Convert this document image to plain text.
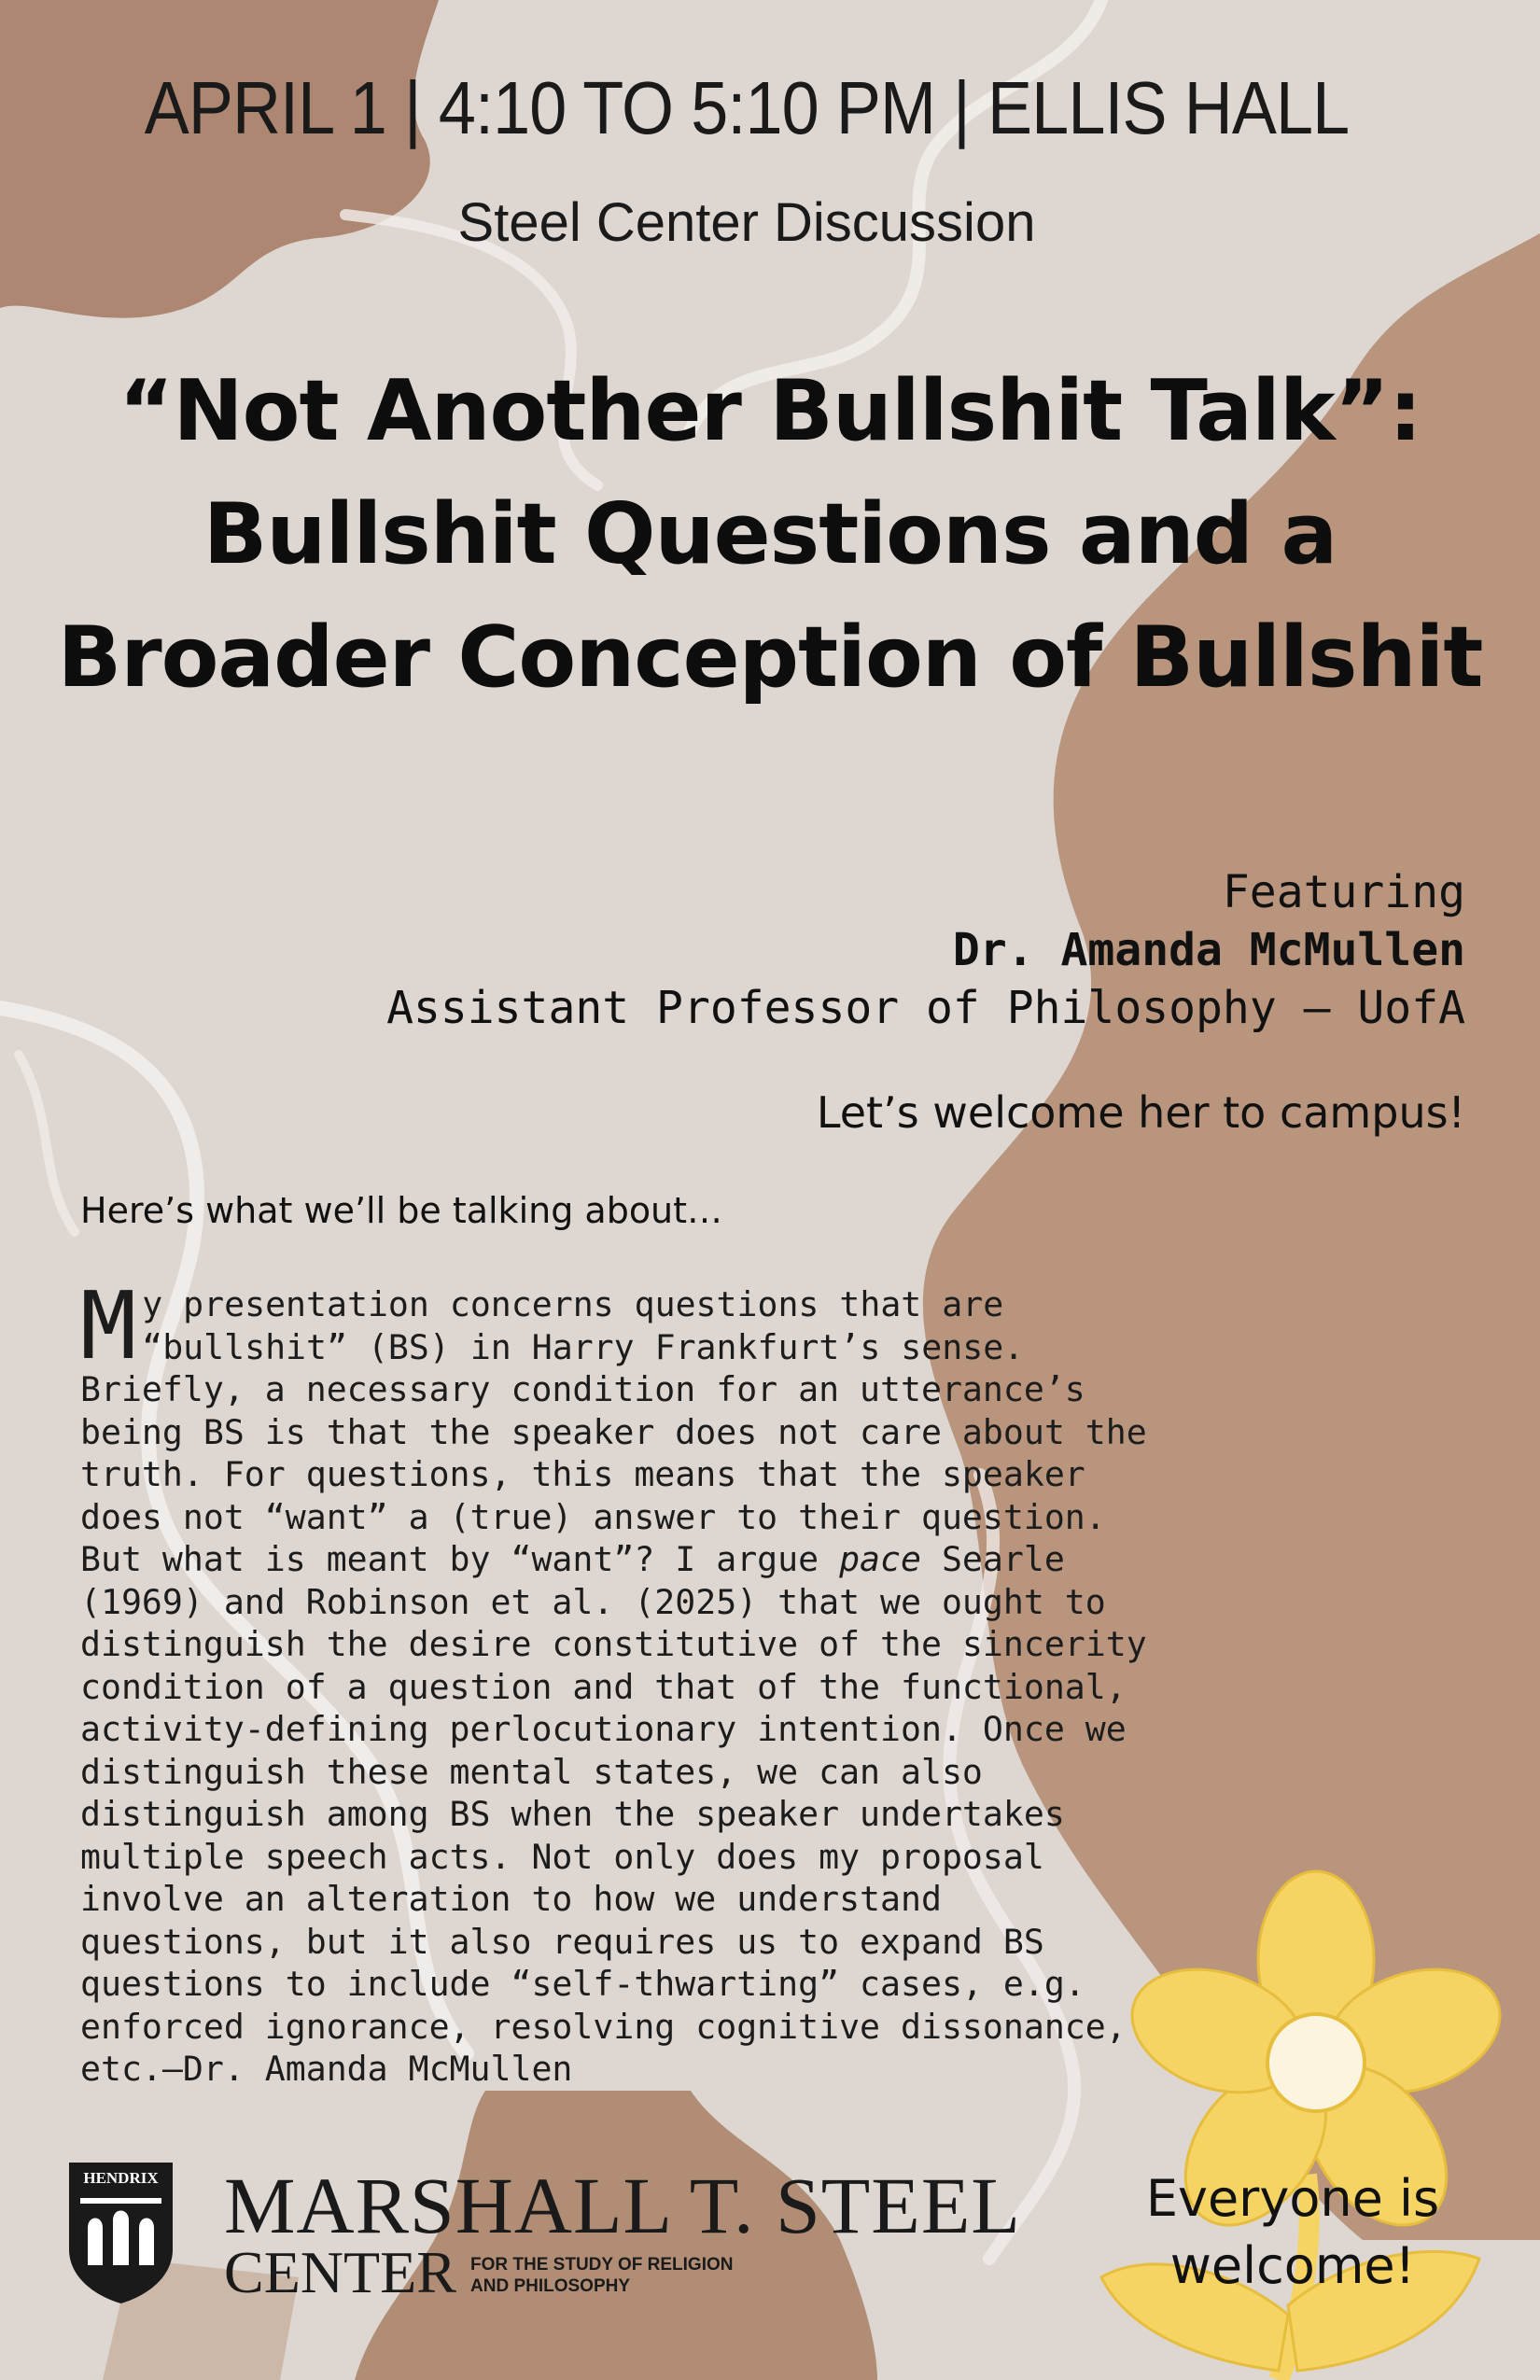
APRIL 1 | 4:10 TO 5:10 PM | ELLIS HALL
Steel Center Discussion
“Not Another Bullshit Talk”:
Bullshit Questions and a
Broader Conception of Bullshit
Featuring
Dr. Amanda McMullen
Assistant Professor of Philosophy – UofA
Let’s welcome her to campus!
Here’s what we’ll be talking about…
My presentation concerns questions that are
“bullshit” (BS) in Harry Frankfurt’s sense.
Briefly, a necessary condition for an utterance’s
being BS is that the speaker does not care about the
truth. For questions, this means that the speaker
does not “want” a (true) answer to their question.
But what is meant by “want”? I argue pace Searle
(1969) and Robinson et al. (2025) that we ought to
distinguish the desire constitutive of the sincerity
condition of a question and that of the functional,
activity-defining perlocutionary intention. Once we
distinguish these mental states, we can also
distinguish among BS when the speaker undertakes
multiple speech acts. Not only does my proposal
involve an alteration to how we understand
questions, but it also requires us to expand BS
questions to include “self-thwarting” cases, e.g.
enforced ignorance, resolving cognitive dissonance,
etc.—Dr. Amanda McMullen
HENDRIX MARSHALL T. STEEL
CENTER FOR THE STUDY OF RELIGION
AND PHILOSOPHY
Everyone is
welcome!
